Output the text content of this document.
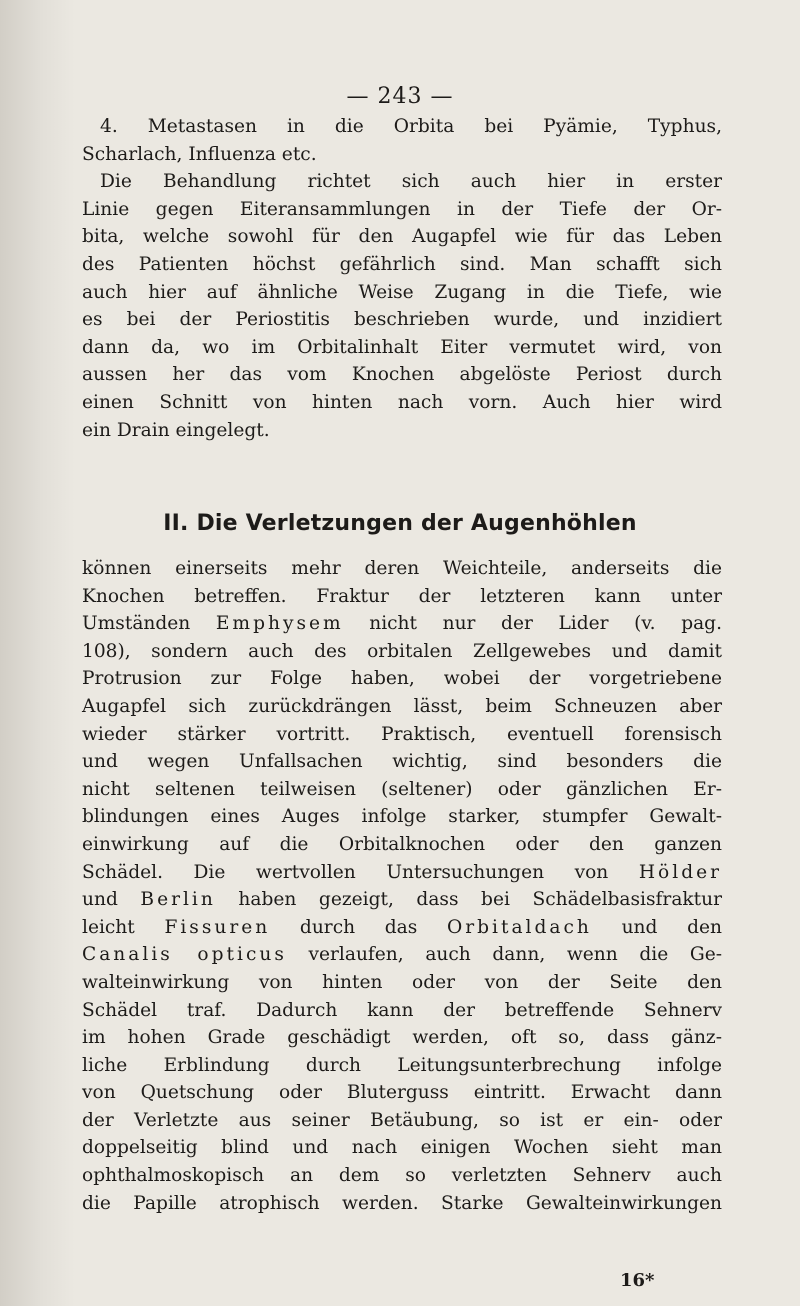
— 243 —

4. Metastasen in die Orbita bei Pyämie, Typhus,

Scharlach, Influenza etc.

Die Behandlung richtet sich auch hier in erster

Linie gegen Eiteransammlungen in der Tiefe der Or-

bita, welche sowohl für den Augapfel wie für das Leben

des Patienten höchst gefährlich sind. Man schafft sich

auch hier auf ähnliche Weise Zugang in die Tiefe, wie

es bei der Periostitis beschrieben wurde, und inzidiert

dann da, wo im Orbitalinhalt Eiter vermutet wird, von

aussen her das vom Knochen abgelöste Periost durch

einen Schnitt von hinten nach vorn. Auch hier wird

ein Drain eingelegt.

II. Die Verletzungen der Augenhöhlen

können einerseits mehr deren Weichteile, anderseits die

Knochen betreffen. Fraktur der letzteren kann unter

Umständen Emphysem nicht nur der Lider (v. pag.

108), sondern auch des orbitalen Zellgewebes und damit

Protrusion zur Folge haben, wobei der vorgetriebene

Augapfel sich zurückdrängen lässt, beim Schneuzen aber

wieder stärker vortritt. Praktisch, eventuell forensisch

und wegen Unfallsachen wichtig, sind besonders die

nicht seltenen teilweisen (seltener) oder gänzlichen Er-

blindungen eines Auges infolge starker, stumpfer Gewalt-

einwirkung auf die Orbitalknochen oder den ganzen

Schädel. Die wertvollen Untersuchungen von Hölder

und Berlin haben gezeigt, dass bei Schädelbasisfraktur

leicht Fissuren durch das Orbitaldach und den

Canalis opticus verlaufen, auch dann, wenn die Ge-

walteinwirkung von hinten oder von der Seite den

Schädel traf. Dadurch kann der betreffende Sehnerv

im hohen Grade geschädigt werden, oft so, dass gänz-

liche Erblindung durch Leitungsunterbrechung infolge

von Quetschung oder Bluterguss eintritt. Erwacht dann

der Verletzte aus seiner Betäubung, so ist er ein- oder

doppelseitig blind und nach einigen Wochen sieht man

ophthalmoskopisch an dem so verletzten Sehnerv auch

die Papille atrophisch werden. Starke Gewalteinwirkungen

16*
